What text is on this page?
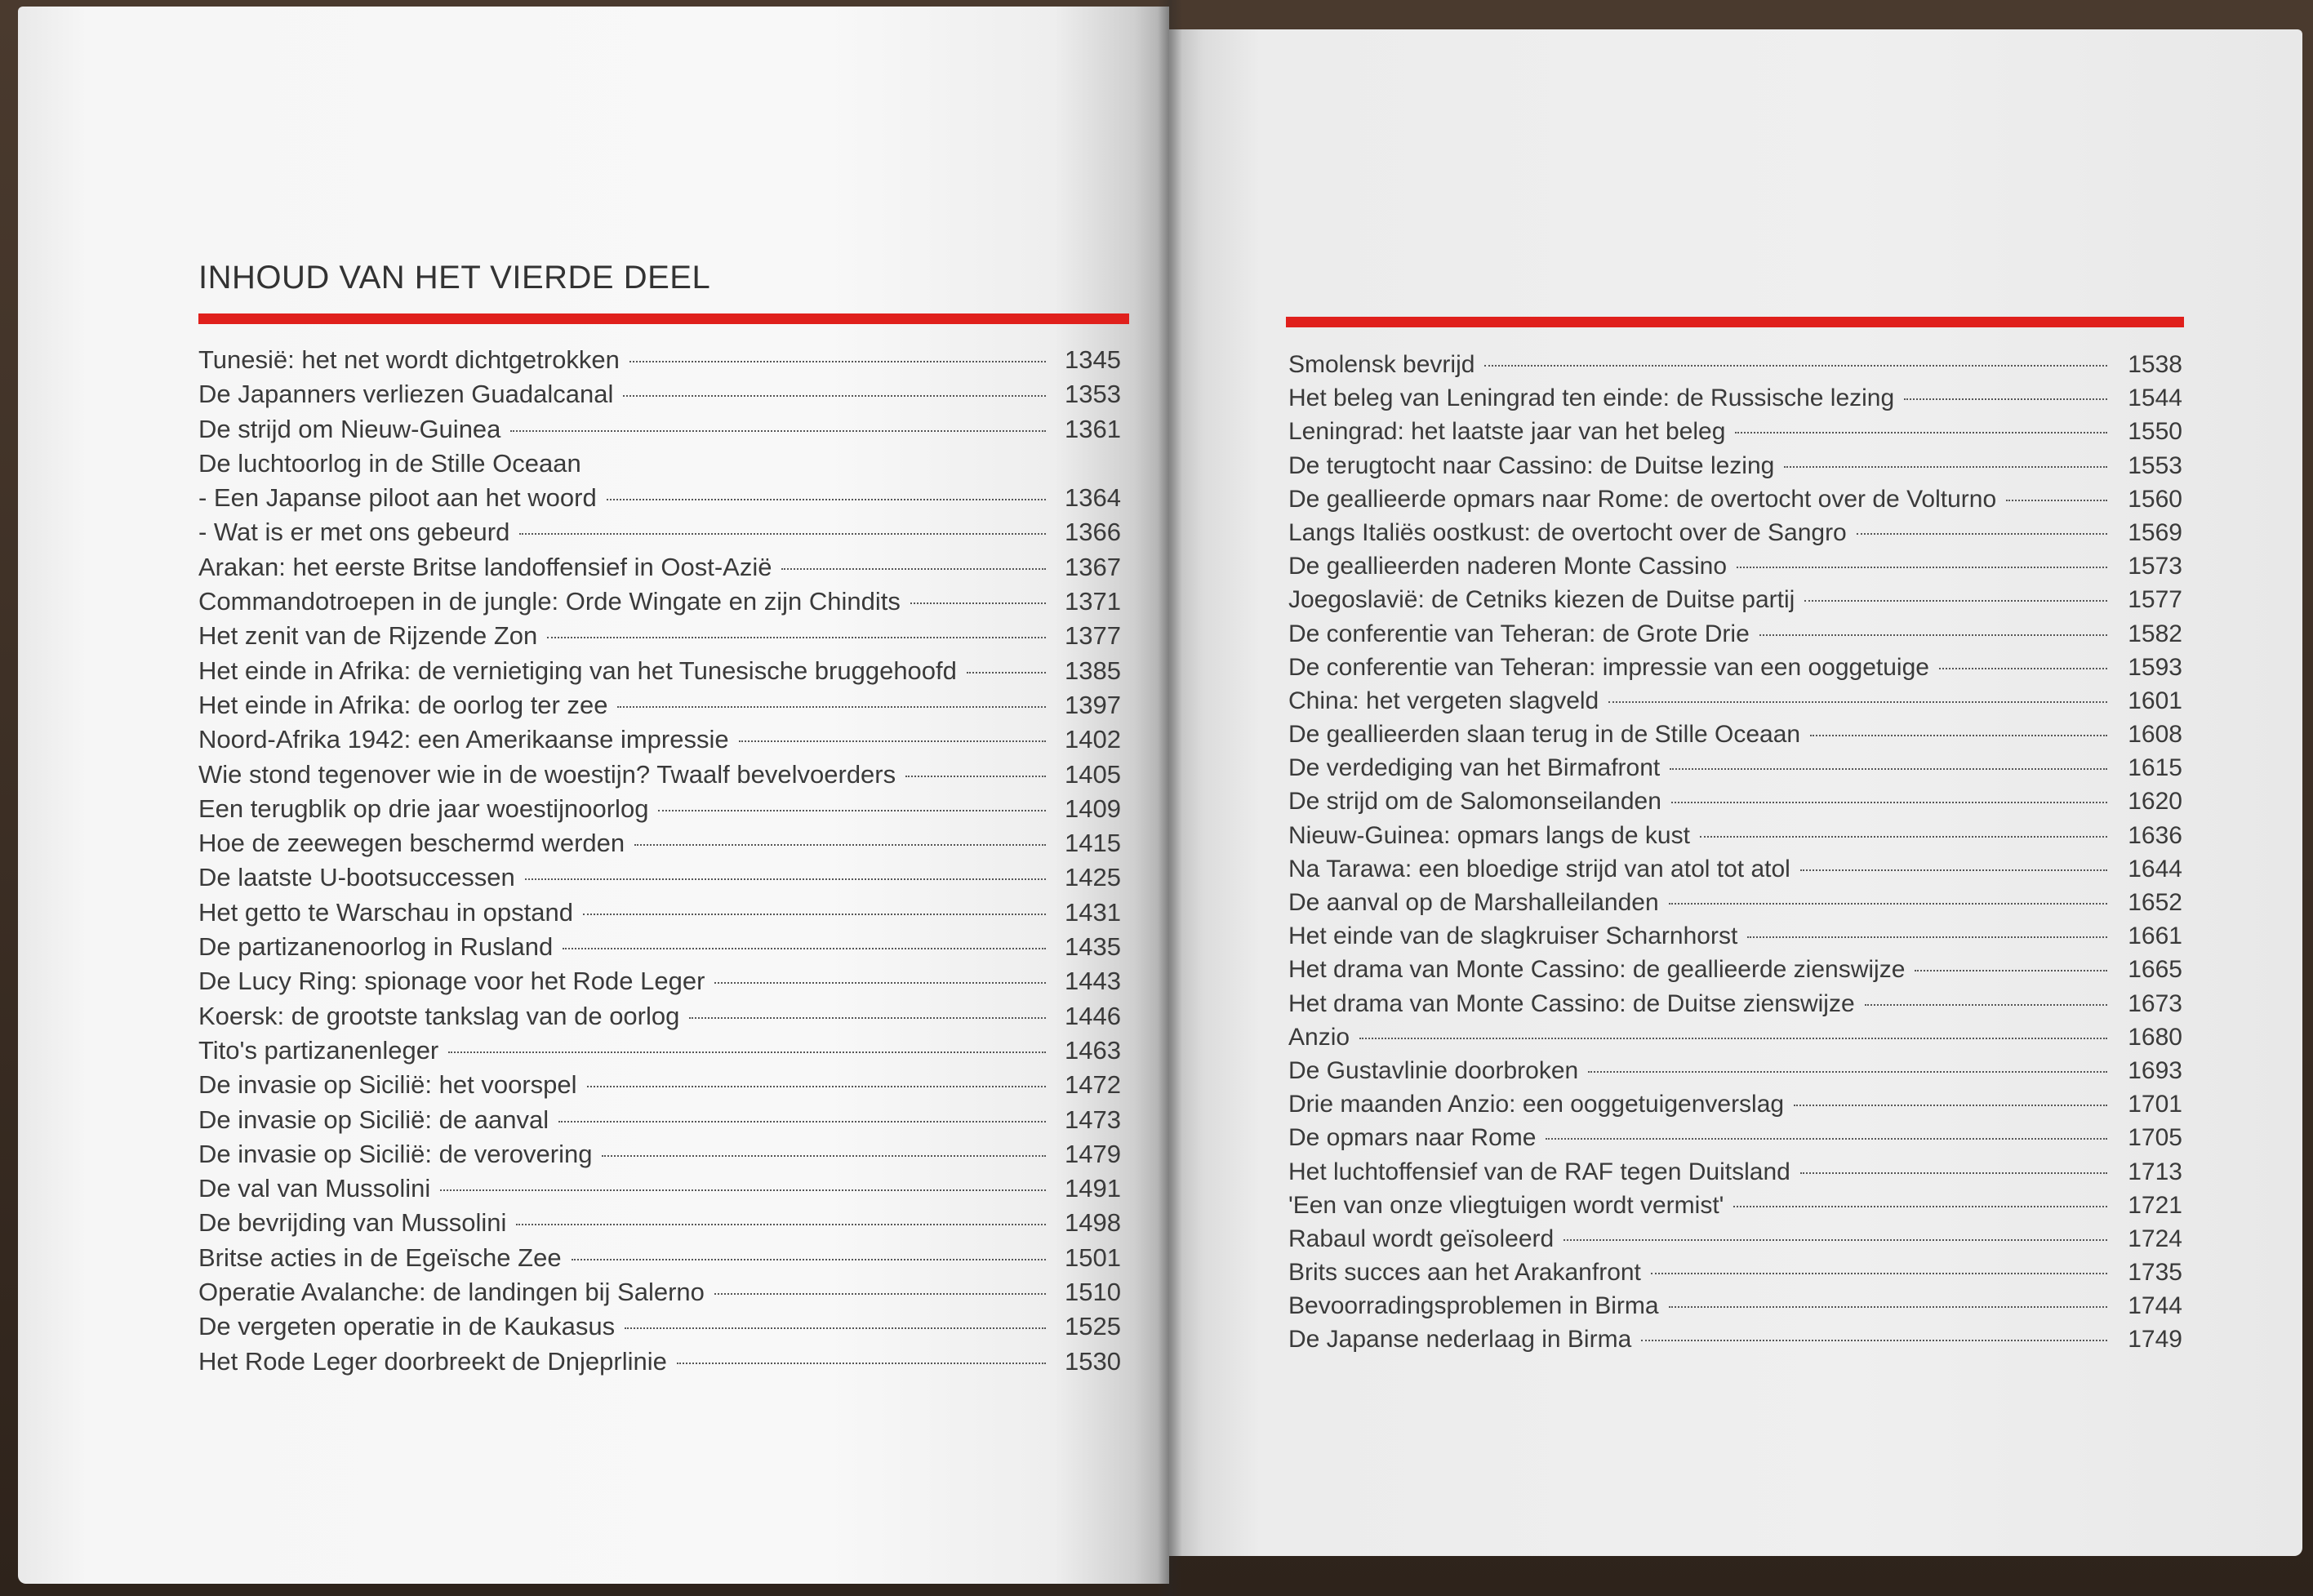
INHOUD VAN HET VIERDE DEEL
Tunesië: het net wordt dichtgetrokken	1345
De Japanners verliezen Guadalcanal	1353
De strijd om Nieuw-Guinea	1361
De luchtoorlog in de Stille Oceaan
- Een Japanse piloot aan het woord	1364
- Wat is er met ons gebeurd	1366
Arakan: het eerste Britse landoffensief in Oost-Azië	1367
Commandotroepen in de jungle: Orde Wingate en zijn Chindits	1371
Het zenit van de Rijzende Zon	1377
Het einde in Afrika: de vernietiging van het Tunesische bruggehoofd	1385
Het einde in Afrika: de oorlog ter zee	1397
Noord-Afrika 1942: een Amerikaanse impressie	1402
Wie stond tegenover wie in de woestijn? Twaalf bevelvoerders	1405
Een terugblik op drie jaar woestijnoorlog	1409
Hoe de zeewegen beschermd werden	1415
De laatste U-bootsuccessen	1425
Het getto te Warschau in opstand	1431
De partizanenoorlog in Rusland	1435
De Lucy Ring: spionage voor het Rode Leger	1443
Koersk: de grootste tankslag van de oorlog	1446
Tito's partizanenleger	1463
De invasie op Sicilië: het voorspel	1472
De invasie op Sicilië: de aanval	1473
De invasie op Sicilië: de verovering	1479
De val van Mussolini	1491
De bevrijding van Mussolini	1498
Britse acties in de Egeïsche Zee	1501
Operatie Avalanche: de landingen bij Salerno	1510
De vergeten operatie in de Kaukasus	1525
Het Rode Leger doorbreekt de Dnjeprlinie	1530
Smolensk bevrijd	1538
Het beleg van Leningrad ten einde: de Russische lezing	1544
Leningrad: het laatste jaar van het beleg	1550
De terugtocht naar Cassino: de Duitse lezing	1553
De geallieerde opmars naar Rome: de overtocht over de Volturno	1560
Langs Italiës oostkust: de overtocht over de Sangro	1569
De geallieerden naderen Monte Cassino	1573
Joegoslavië: de Cetniks kiezen de Duitse partij	1577
De conferentie van Teheran: de Grote Drie	1582
De conferentie van Teheran: impressie van een ooggetuige	1593
China: het vergeten slagveld	1601
De geallieerden slaan terug in de Stille Oceaan	1608
De verdediging van het Birmafront	1615
De strijd om de Salomonseilanden	1620
Nieuw-Guinea: opmars langs de kust	1636
Na Tarawa: een bloedige strijd van atol tot atol	1644
De aanval op de Marshalleilanden	1652
Het einde van de slagkruiser Scharnhorst	1661
Het drama van Monte Cassino: de geallieerde zienswijze	1665
Het drama van Monte Cassino: de Duitse zienswijze	1673
Anzio	1680
De Gustavlinie doorbroken	1693
Drie maanden Anzio: een ooggetuigenverslag	1701
De opmars naar Rome	1705
Het luchtoffensief van de RAF tegen Duitsland	1713
'Een van onze vliegtuigen wordt vermist'	1721
Rabaul wordt geïsoleerd	1724
Brits succes aan het Arakanfront	1735
Bevoorradingsproblemen in Birma	1744
De Japanse nederlaag in Birma	1749
